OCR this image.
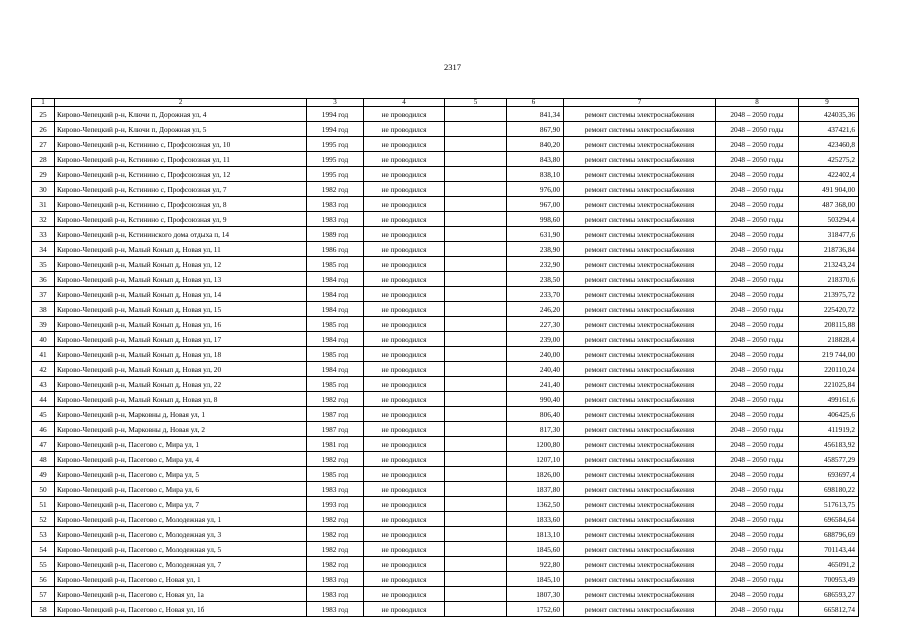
2317
1	2	3	4	5	6	7	8	9
25	Кирово-Чепецкий р-н, Ключи п, Дорожная ул, 4	1994 год	не проводился		841,34	ремонт системы электроснабжения	2048 – 2050 годы	424035,36
26	Кирово-Чепецкий р-н, Ключи п, Дорожная ул, 5	1994 год	не проводился		867,90	ремонт системы электроснабжения	2048 – 2050 годы	437421,6
27	Кирово-Чепецкий р-н, Кстинино с, Профсоюзная ул, 10	1995 год	не проводился		840,20	ремонт системы электроснабжения	2048 – 2050 годы	423460,8
28	Кирово-Чепецкий р-н, Кстинино с, Профсоюзная ул, 11	1995 год	не проводился		843,80	ремонт системы электроснабжения	2048 – 2050 годы	425275,2
29	Кирово-Чепецкий р-н, Кстинино с, Профсоюзная ул, 12	1995 год	не проводился		838,10	ремонт системы электроснабжения	2048 – 2050 годы	422402,4
30	Кирово-Чепецкий р-н, Кстинино с, Профсоюзная ул, 7	1982 год	не проводился		976,00	ремонт системы электроснабжения	2048 – 2050 годы	491 904,00
31	Кирово-Чепецкий р-н, Кстинино с, Профсоюзная ул, 8	1983 год	не проводился		967,00	ремонт системы электроснабжения	2048 – 2050 годы	487 368,00
32	Кирово-Чепецкий р-н, Кстинино с, Профсоюзная ул, 9	1983 год	не проводился		998,60	ремонт системы электроснабжения	2048 – 2050 годы	503294,4
33	Кирово-Чепецкий р-н, Кстининского дома отдыха п, 14	1989 год	не проводился		631,90	ремонт системы электроснабжения	2048 – 2050 годы	318477,6
34	Кирово-Чепецкий р-н, Малый Конып д, Новая ул, 11	1986 год	не проводился		238,90	ремонт системы электроснабжения	2048 – 2050 годы	218736,84
35	Кирово-Чепецкий р-н, Малый Конып д, Новая ул, 12	1985 год	не проводился		232,90	ремонт системы электроснабжения	2048 – 2050 годы	213243,24
36	Кирово-Чепецкий р-н, Малый Конып д, Новая ул, 13	1984 год	не проводился		238,50	ремонт системы электроснабжения	2048 – 2050 годы	218370,6
37	Кирово-Чепецкий р-н, Малый Конып д, Новая ул, 14	1984 год	не проводился		233,70	ремонт системы электроснабжения	2048 – 2050 годы	213975,72
38	Кирово-Чепецкий р-н, Малый Конып д, Новая ул, 15	1984 год	не проводился		246,20	ремонт системы электроснабжения	2048 – 2050 годы	225420,72
39	Кирово-Чепецкий р-н, Малый Конып д, Новая ул, 16	1985 год	не проводился		227,30	ремонт системы электроснабжения	2048 – 2050 годы	208115,88
40	Кирово-Чепецкий р-н, Малый Конып д, Новая ул, 17	1984 год	не проводился		239,00	ремонт системы электроснабжения	2048 – 2050 годы	218828,4
41	Кирово-Чепецкий р-н, Малый Конып д, Новая ул, 18	1985 год	не проводился		240,00	ремонт системы электроснабжения	2048 – 2050 годы	219 744,00
42	Кирово-Чепецкий р-н, Малый Конып д, Новая ул, 20	1984 год	не проводился		240,40	ремонт системы электроснабжения	2048 – 2050 годы	220110,24
43	Кирово-Чепецкий р-н, Малый Конып д, Новая ул, 22	1985 год	не проводился		241,40	ремонт системы электроснабжения	2048 – 2050 годы	221025,84
44	Кирово-Чепецкий р-н, Малый Конып д, Новая ул, 8	1982 год	не проводился		990,40	ремонт системы электроснабжения	2048 – 2050 годы	499161,6
45	Кирово-Чепецкий р-н, Марковны д, Новая ул, 1	1987 год	не проводился		806,40	ремонт системы электроснабжения	2048 – 2050 годы	406425,6
46	Кирово-Чепецкий р-н, Марковны д, Новая ул, 2	1987 год	не проводился		817,30	ремонт системы электроснабжения	2048 – 2050 годы	411919,2
47	Кирово-Чепецкий р-н, Пасегово с, Мира ул, 1	1981 год	не проводился		1200,80	ремонт системы электроснабжения	2048 – 2050 годы	456183,92
48	Кирово-Чепецкий р-н, Пасегово с, Мира ул, 4	1982 год	не проводился		1207,10	ремонт системы электроснабжения	2048 – 2050 годы	458577,29
49	Кирово-Чепецкий р-н, Пасегово с, Мира ул, 5	1985 год	не проводился		1826,00	ремонт системы электроснабжения	2048 – 2050 годы	693697,4
50	Кирово-Чепецкий р-н, Пасегово с, Мира ул, 6	1983 год	не проводился		1837,80	ремонт системы электроснабжения	2048 – 2050 годы	698180,22
51	Кирово-Чепецкий р-н, Пасегово с, Мира ул, 7	1993 год	не проводился		1362,50	ремонт системы электроснабжения	2048 – 2050 годы	517613,75
52	Кирово-Чепецкий р-н, Пасегово с, Молодежная ул, 1	1982 год	не проводился		1833,60	ремонт системы электроснабжения	2048 – 2050 годы	696584,64
53	Кирово-Чепецкий р-н, Пасегово с, Молодежная ул, 3	1982 год	не проводился		1813,10	ремонт системы электроснабжения	2048 – 2050 годы	688796,69
54	Кирово-Чепецкий р-н, Пасегово с, Молодежная ул, 5	1982 год	не проводился		1845,60	ремонт системы электроснабжения	2048 – 2050 годы	701143,44
55	Кирово-Чепецкий р-н, Пасегово с, Молодежная ул, 7	1982 год	не проводился		922,80	ремонт системы электроснабжения	2048 – 2050 годы	465091,2
56	Кирово-Чепецкий р-н, Пасегово с, Новая ул, 1	1983 год	не проводился		1845,10	ремонт системы электроснабжения	2048 – 2050 годы	700953,49
57	Кирово-Чепецкий р-н, Пасегово с, Новая ул, 1а	1983 год	не проводился		1807,30	ремонт системы электроснабжения	2048 – 2050 годы	686593,27
58	Кирово-Чепецкий р-н, Пасегово с, Новая ул, 1б	1983 год	не проводился		1752,60	ремонт системы электроснабжения	2048 – 2050 годы	665812,74
